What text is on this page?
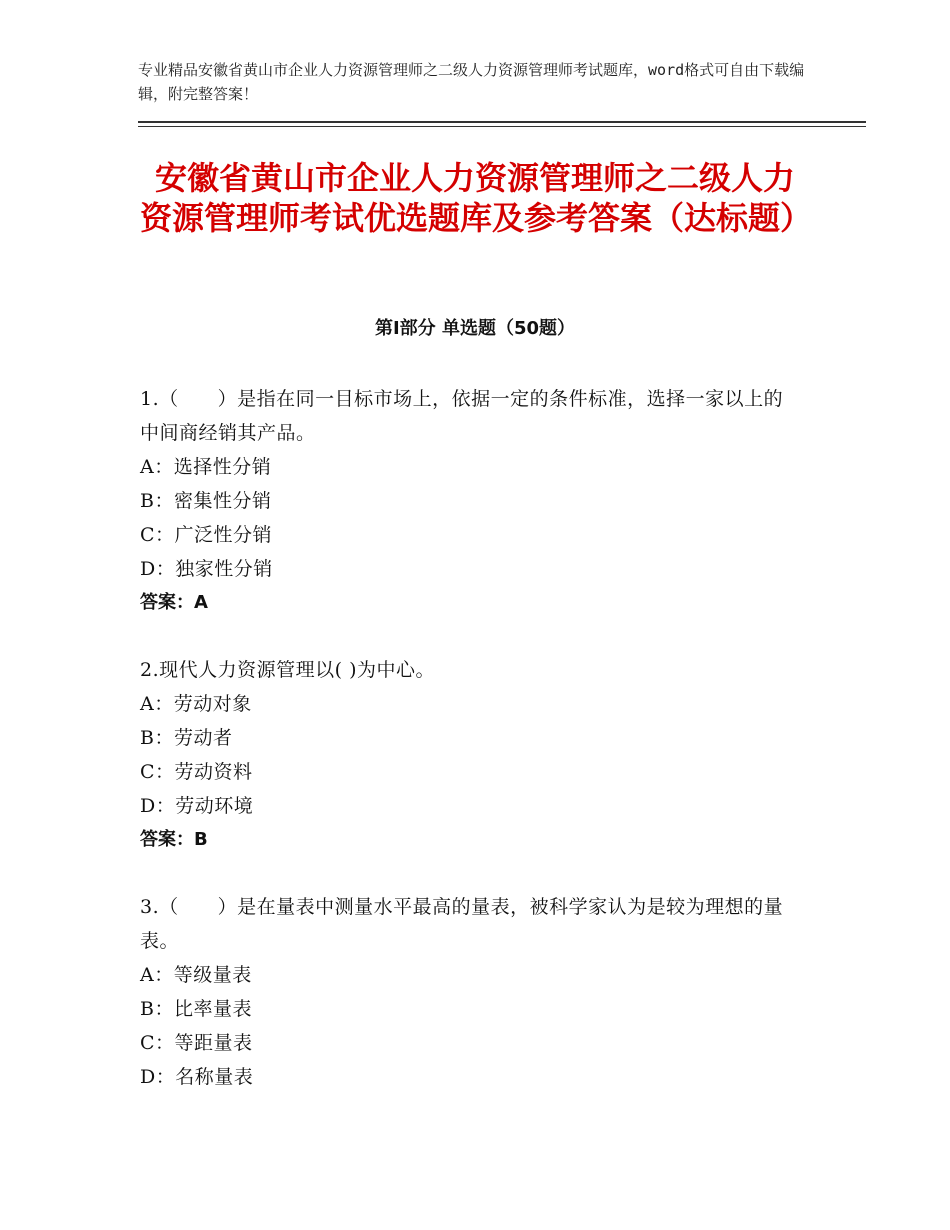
专业精品安徽省黄山市企业人力资源管理师之二级人力资源管理师考试题库，word格式可自由下载编辑，附完整答案！
安徽省黄山市企业人力资源管理师之二级人力资源管理师考试优选题库及参考答案（达标题）
第Ⅰ部分 单选题（50题）
1.（　　）是指在同一目标市场上，依据一定的条件标准，选择一家以上的中间商经销其产品。
A：选择性分销
B：密集性分销
C：广泛性分销
D：独家性分销
答案：A
2.现代人力资源管理以( )为中心。
A：劳动对象
B：劳动者
C：劳动资料
D：劳动环境
答案：B
3.（　　）是在量表中测量水平最高的量表，被科学家认为是较为理想的量表。
A：等级量表
B：比率量表
C：等距量表
D：名称量表
